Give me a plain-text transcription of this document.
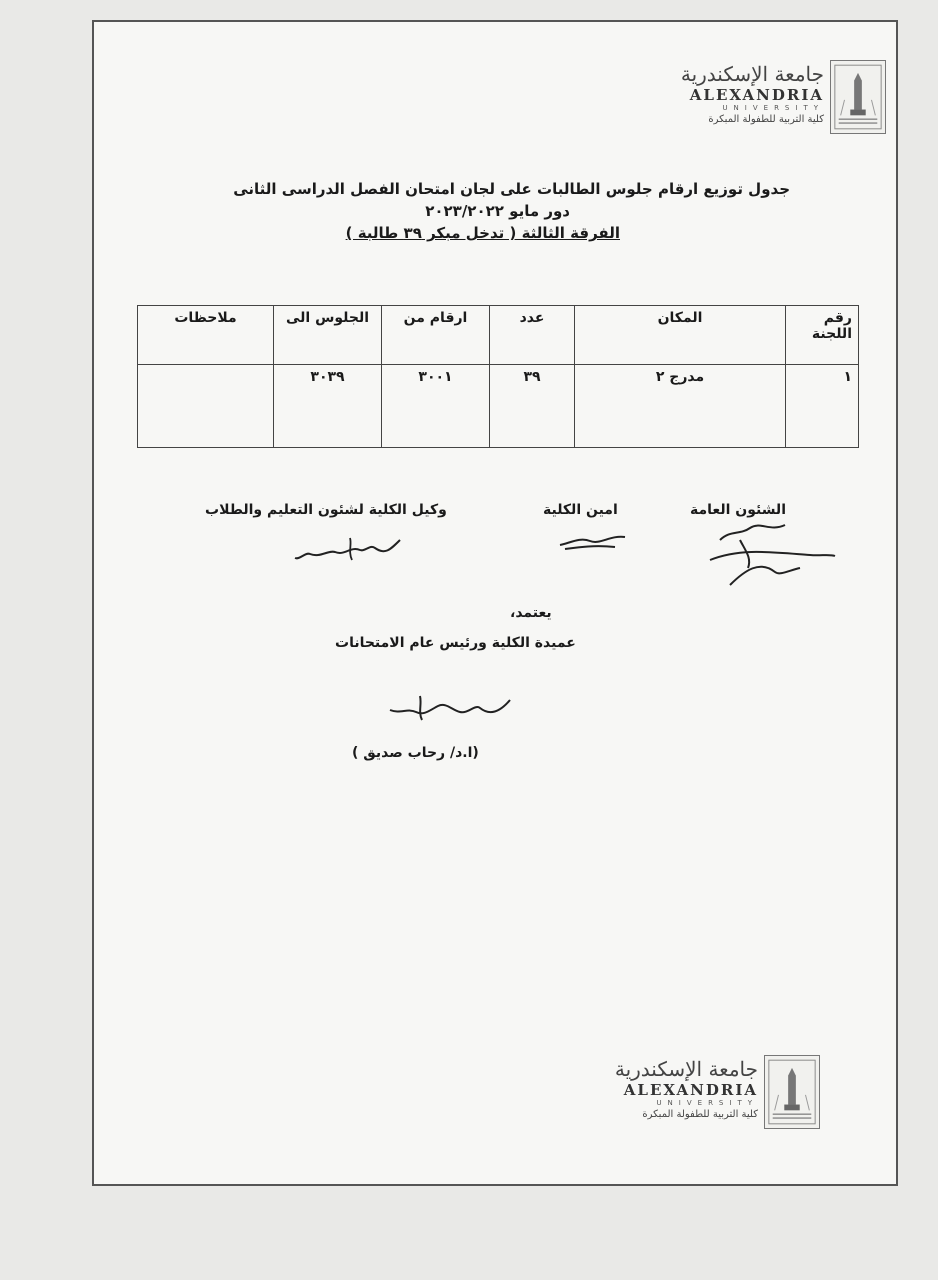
جامعة الإسكندرية
ALEXANDRIA
UNIVERSITY
كلية التربية للطفولة المبكرة
جدول توزيع ارقام جلوس الطالبات على لجان امتحان الفصل الدراسى الثانى
دور مايو ٢٠٢٣/٢٠٢٢
الفرقة الثالثة ( تدخل مبكر ٣٩ طالبة )
رقم اللجنة	المكان	عدد	ارقام من	الجلوس الى	ملاحظات
١	مدرج ٢	٣٩	٣٠٠١	٣٠٣٩	
الشئون العامة
امين الكلية
وكيل الكلية لشئون التعليم والطلاب
يعتمد،
عميدة الكلية ورئيس عام الامتحانات
(ا.د/ رحاب صديق )
جامعة الإسكندرية
ALEXANDRIA
UNIVERSITY
كلية التربية للطفولة المبكرة
